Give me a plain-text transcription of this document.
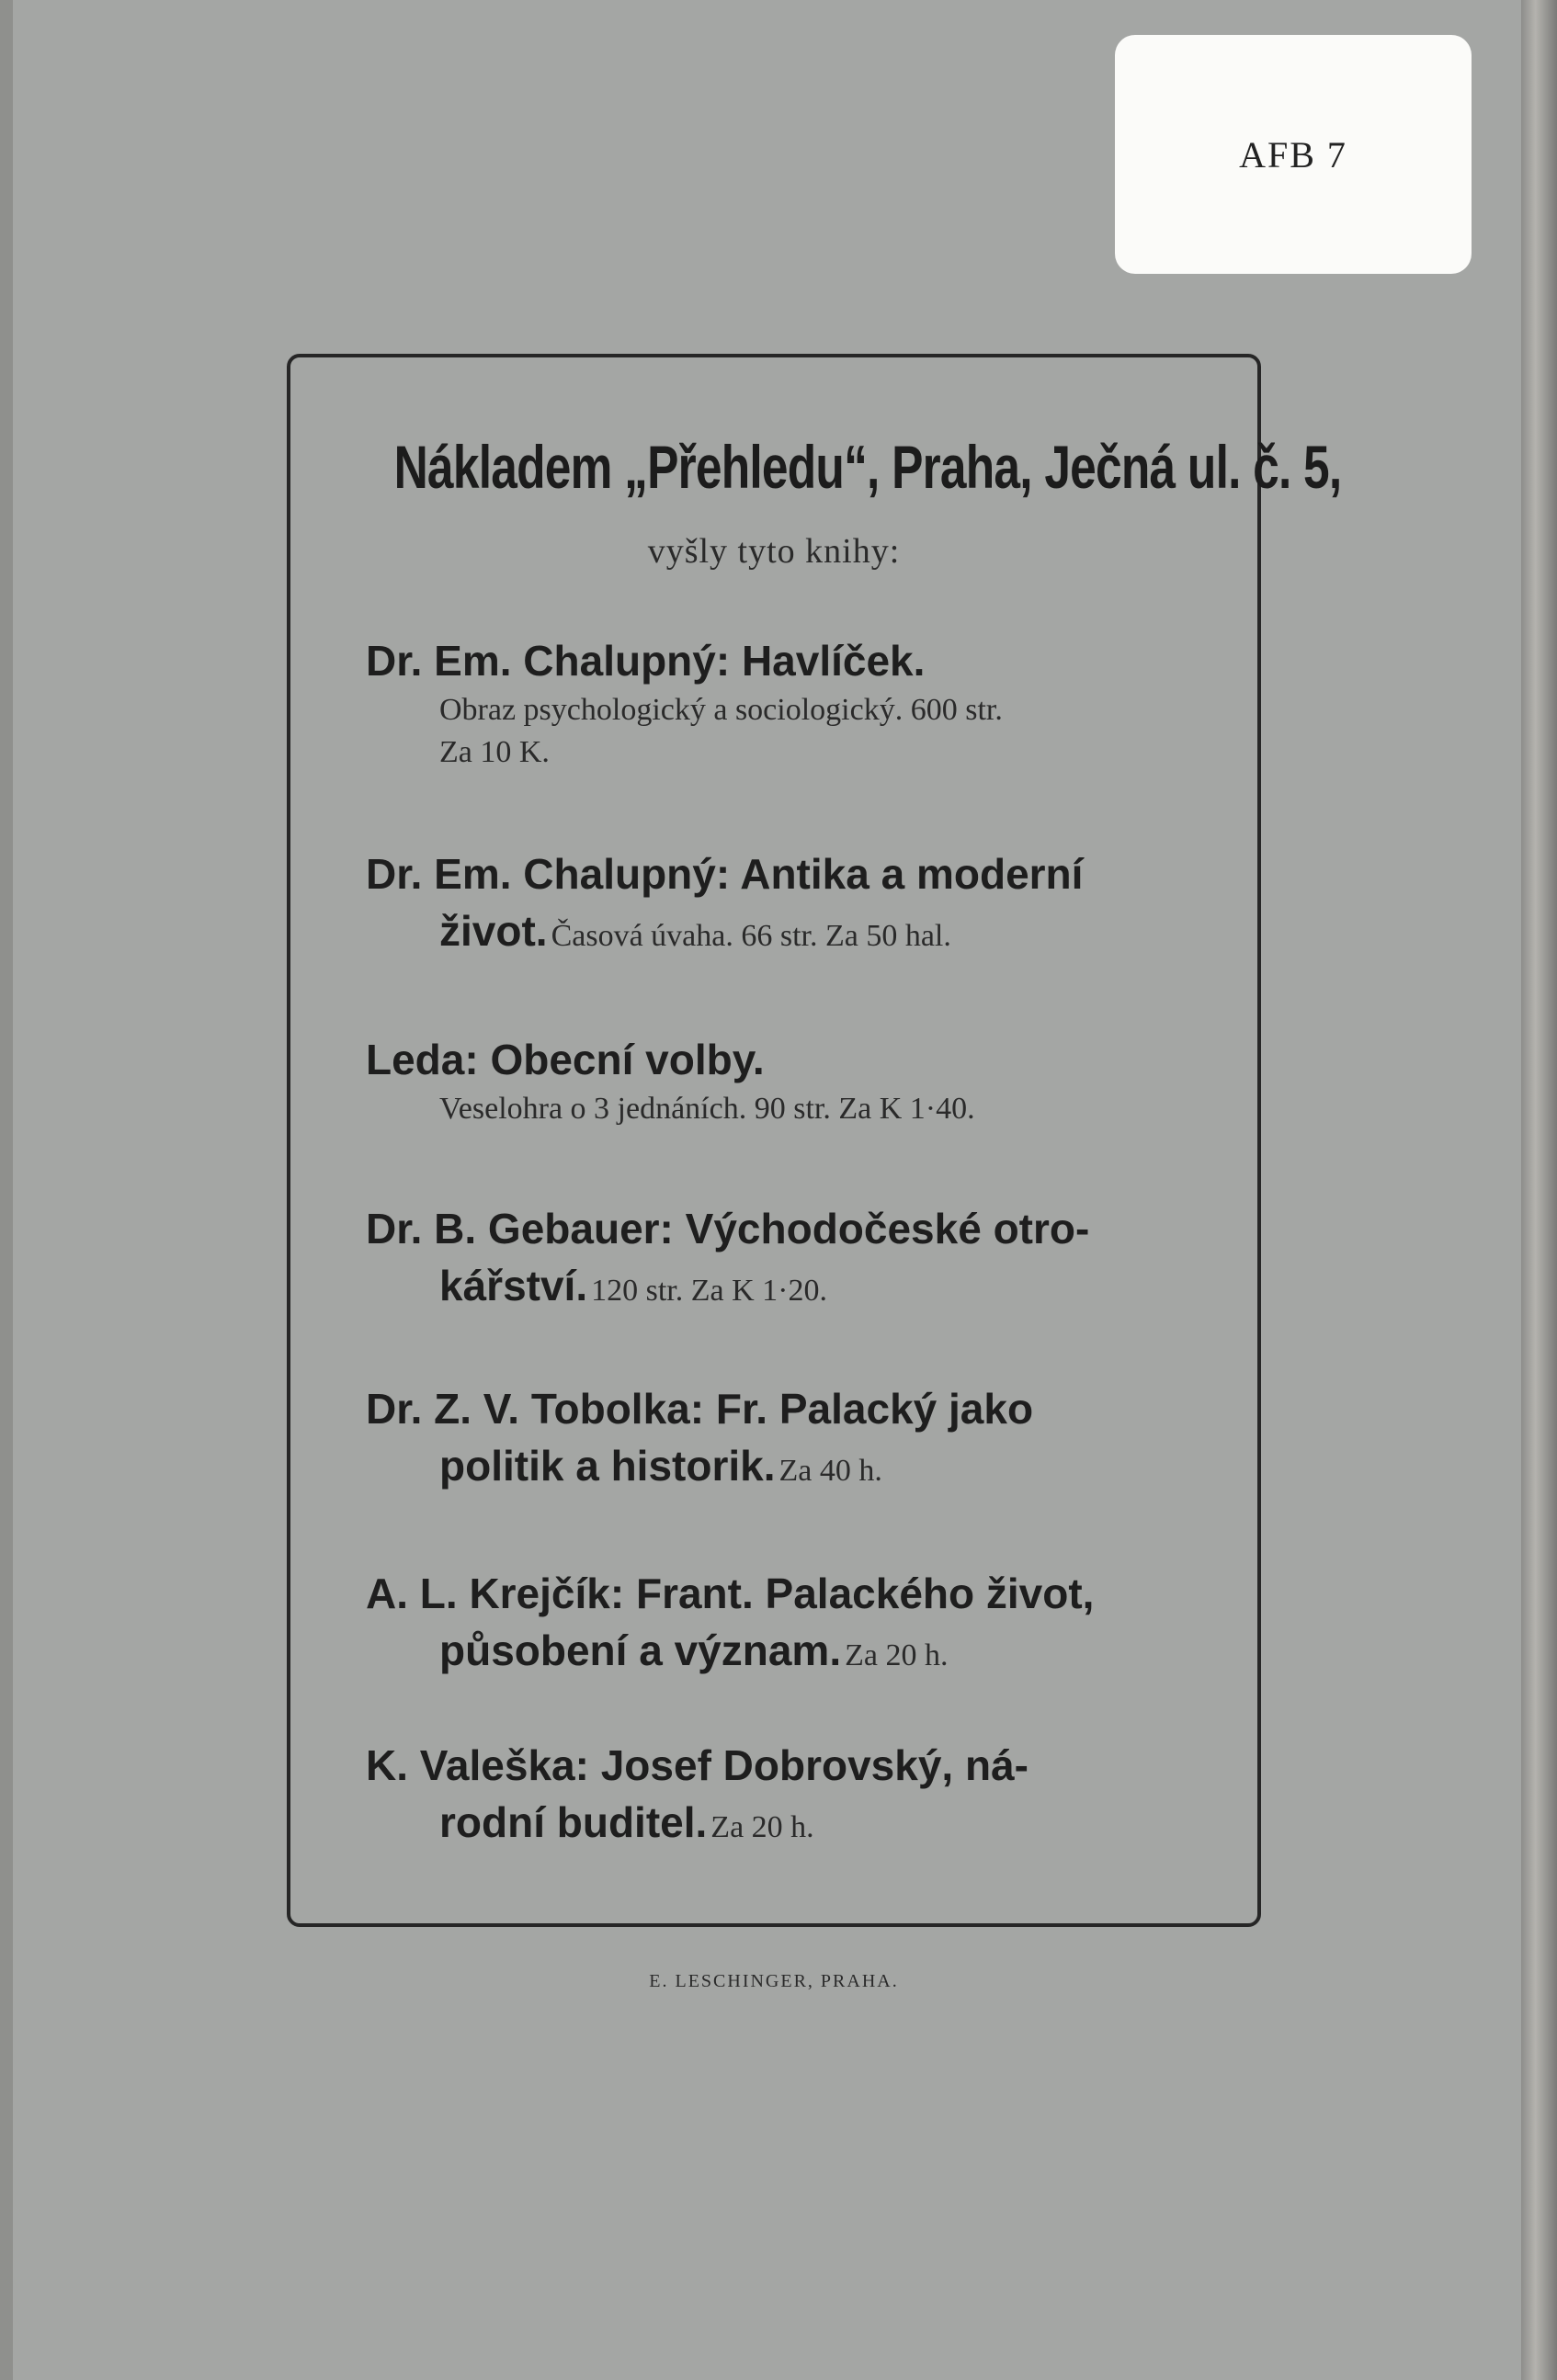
AFB 7
Nákladem „Přehledu“, Praha, Ječná ul. č. 5,
vyšly tyto knihy:
Dr. Em. Chalupný: Havlíček.
Obraz psychologický a sociologický. 600 str.
Za 10 K.
Dr. Em. Chalupný: Antika a moderní
život. Časová úvaha. 66 str. Za 50 hal.
Leda: Obecní volby.
Veselohra o 3 jednáních. 90 str. Za K 1·40.
Dr. B. Gebauer: Východočeské otro-
kářství. 120 str. Za K 1·20.
Dr. Z. V. Tobolka: Fr. Palacký jako
politik a historik. Za 40 h.
A. L. Krejčík: Frant. Palackého život,
působení a význam. Za 20 h.
K. Valeška: Josef Dobrovský, ná-
rodní buditel. Za 20 h.
E. LESCHINGER, PRAHA.
